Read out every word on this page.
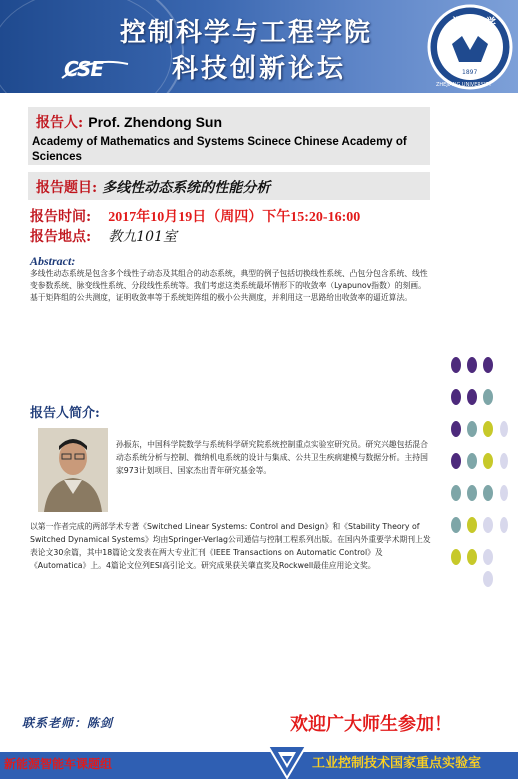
CSE
控制科学与工程学院
科技创新论坛
浙江大学
1897
ZHEJIANG UNIVERSITY
报告人: Prof. Zhendong Sun
Academy of Mathematics and Systems Scinece Chinese Academy of Sciences
报告题目: 多线性动态系统的性能分析
报告时间: 2017年10月19日（周四）下午15:20-16:00
报告地点: 教九101室
Abstract:
多线性动态系统是包含多个线性子动态及其组合的动态系统，典型的例子包括切换线性系统、凸包分包含系统、线性变参数系统、脉变线性系统、分段线性系统等。我们考虑这类系统最坏情形下的收敛率（Lyapunov指数）的刻画。基于矩阵组的公共测度，证明收敛率等于系统矩阵组的极小公共测度，并利用这一思路给出收敛率的逼近算法。
报告人简介:
孙振东，中国科学院数学与系统科学研究院系统控制重点实验室研究员。研究兴趣包括混合动态系统分析与控制、微纳机电系统的设计与集成、公共卫生疾病建模与数据分析。主持国家973计划项目、国家杰出青年研究基金等。
以第一作者完成的两部学术专著《Switched Linear Systems: Control and Design》和《Stability Theory of Switched Dynamical Systems》均由Springer-Verlag公司通信与控制工程系列出版。在国内外重要学术期刊上发表论文30余篇，其中18篇论文发表在两大专业汇刊《IEEE Transactions on Automatic Control》及《Automatica》上。4篇论文位列ESI高引论文。研究成果获关肇直奖及Rockwell最佳应用论文奖。
联系老师：陈剑	欢迎广大师生参加！
新能源智能车课题组	工业控制技术国家重点实验室
